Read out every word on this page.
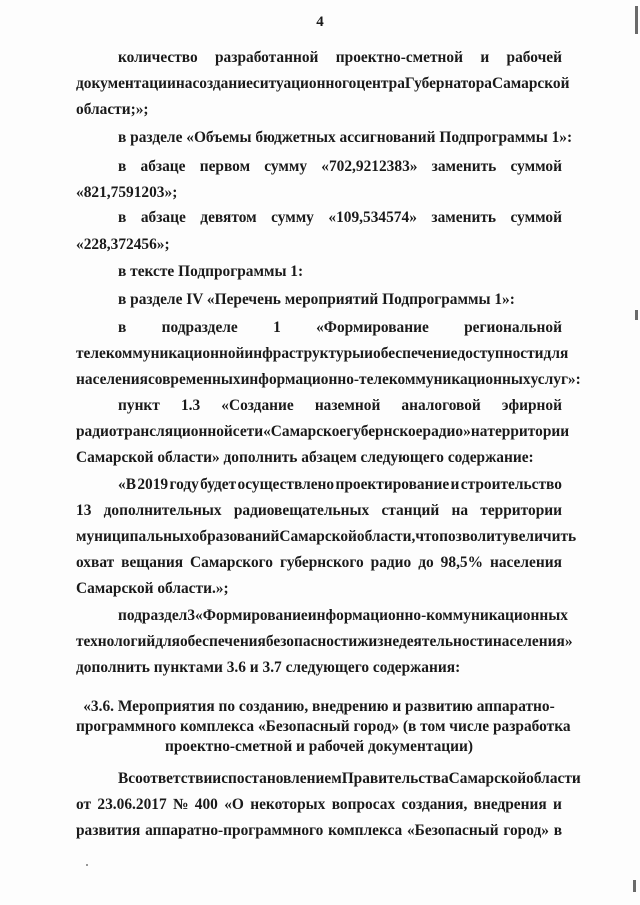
4
количество разработанной проектно-сметной и рабочей
документации на создание ситуационного центра Губернатора Самарской
области;»;
в разделе «Объемы бюджетных ассигнований Подпрограммы 1»:
в абзаце первом сумму «702,9212383» заменить суммой
«821,7591203»;
в абзаце девятом сумму «109,534574» заменить суммой
«228,372456»;
в тексте Подпрограммы 1:
в разделе IV «Перечень мероприятий Подпрограммы 1»:
в подразделе 1 «Формирование региональной
телекоммуникационной инфраструктуры и обеспечение доступности для
населения современных информационно-телекоммуникационных услуг»:
пункт 1.3 «Создание наземной аналоговой эфирной
радиотрансляционной сети «Самарское губернское радио» на территории
Самарской области» дополнить абзацем следующего содержание:
«В 2019 году будет осуществлено проектирование и строительство
13 дополнительных радиовещательных станций на территории
муниципальных образований Самарской области, что позволит увеличить
охват вещания Самарского губернского радио до 98,5% населения
Самарской области.»;
подраздел 3 «Формирование информационно-коммуникационных
технологий для обеспечения безопасности жизнедеятельности населения»
дополнить пунктами 3.6 и 3.7 следующего содержания:
«3.6. Мероприятия по созданию, внедрению и развитию аппаратно-
программного комплекса «Безопасный город» (в том числе разработка
проектно-сметной и рабочей документации)
В соответствии с постановлением Правительства Самарской области
от 23.06.2017 № 400 «О некоторых вопросах создания, внедрения и
развития аппаратно-программного комплекса «Безопасный город» в
